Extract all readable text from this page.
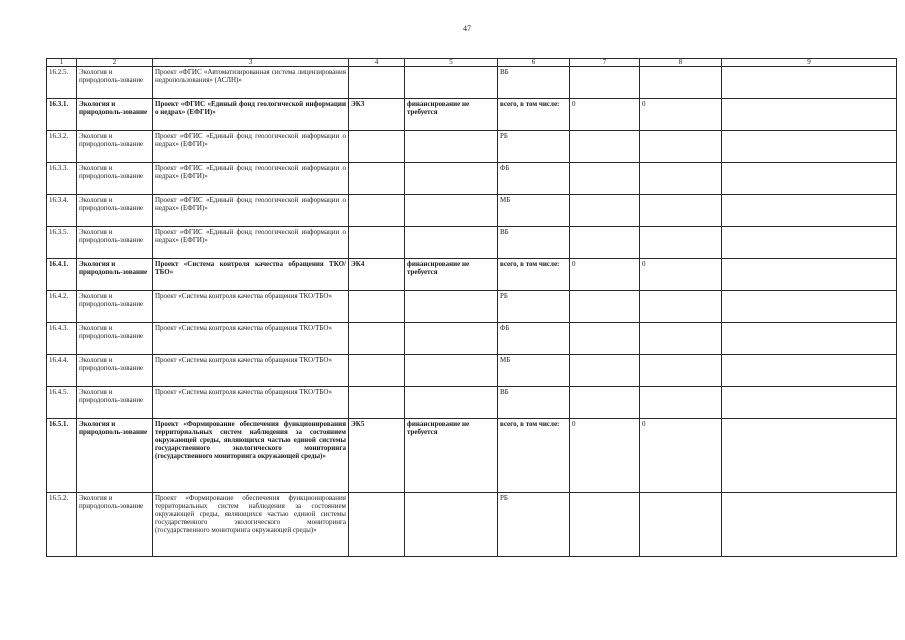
47
1	2	3	4	5	6	7	8	9
16.2.5.	Экология и природополь-зование	Проект «ФГИС «Автоматизированная система лицензирования недропользования» (АСЛН)»			ВБ			
16.3.1.	Экология и природополь-зование	Проект «ФГИС «Единый фонд геологической информации о недрах» (ЕФГИ)»	ЭК3	финансирование не требуется	всего, в том числе:	0	0	
16.3.2.	Экология и природополь-зование	Проект «ФГИС «Единый фонд геологической информации о недрах» (ЕФГИ)»			РБ			
16.3.3.	Экология и природополь-зование	Проект «ФГИС «Единый фонд геологической информации о недрах» (ЕФГИ)»			ФБ			
16.3.4.	Экология и природополь-зование	Проект «ФГИС «Единый фонд геологической информации о недрах» (ЕФГИ)»			МБ			
16.3.5.	Экология и природополь-зование	Проект «ФГИС «Единый фонд геологической информации о недрах» (ЕФГИ)»			ВБ			
16.4.1.	Экология и природополь-зование	Проект «Система контроля качества обращения ТКО/ТБО»	ЭК4	финансирование не требуется	всего, в том числе:	0	0	
16.4.2.	Экология и природополь-зование	Проект «Система контроля качества обращения ТКО/ТБО»			РБ			
16.4.3.	Экология и природополь-зование	Проект «Система контроля качества обращения ТКО/ТБО»			ФБ			
16.4.4.	Экология и природополь-зование	Проект «Система контроля качества обращения ТКО/ТБО»			МБ			
16.4.5.	Экология и природополь-зование	Проект «Система контроля качества обращения ТКО/ТБО»			ВБ			
16.5.1.	Экология и природополь-зование	Проект «Формирование обеспечения функционирования территориальных систем наблюдения за состоянием окружающей среды, являющихся частью единой системы государственного экологического мониторинга (государственного мониторинга окружающей среды)»	ЭК5	финансирование не требуется	всего, в том числе:	0	0	
16.5.2.	Экология и природополь-зование	Проект «Формирование обеспечения функционирования территориальных систем наблюдения за состоянием окружающей среды, являющихся частью единой системы государственного экологического мониторинга (государственного мониторинга окружающей среды)»			РБ			
